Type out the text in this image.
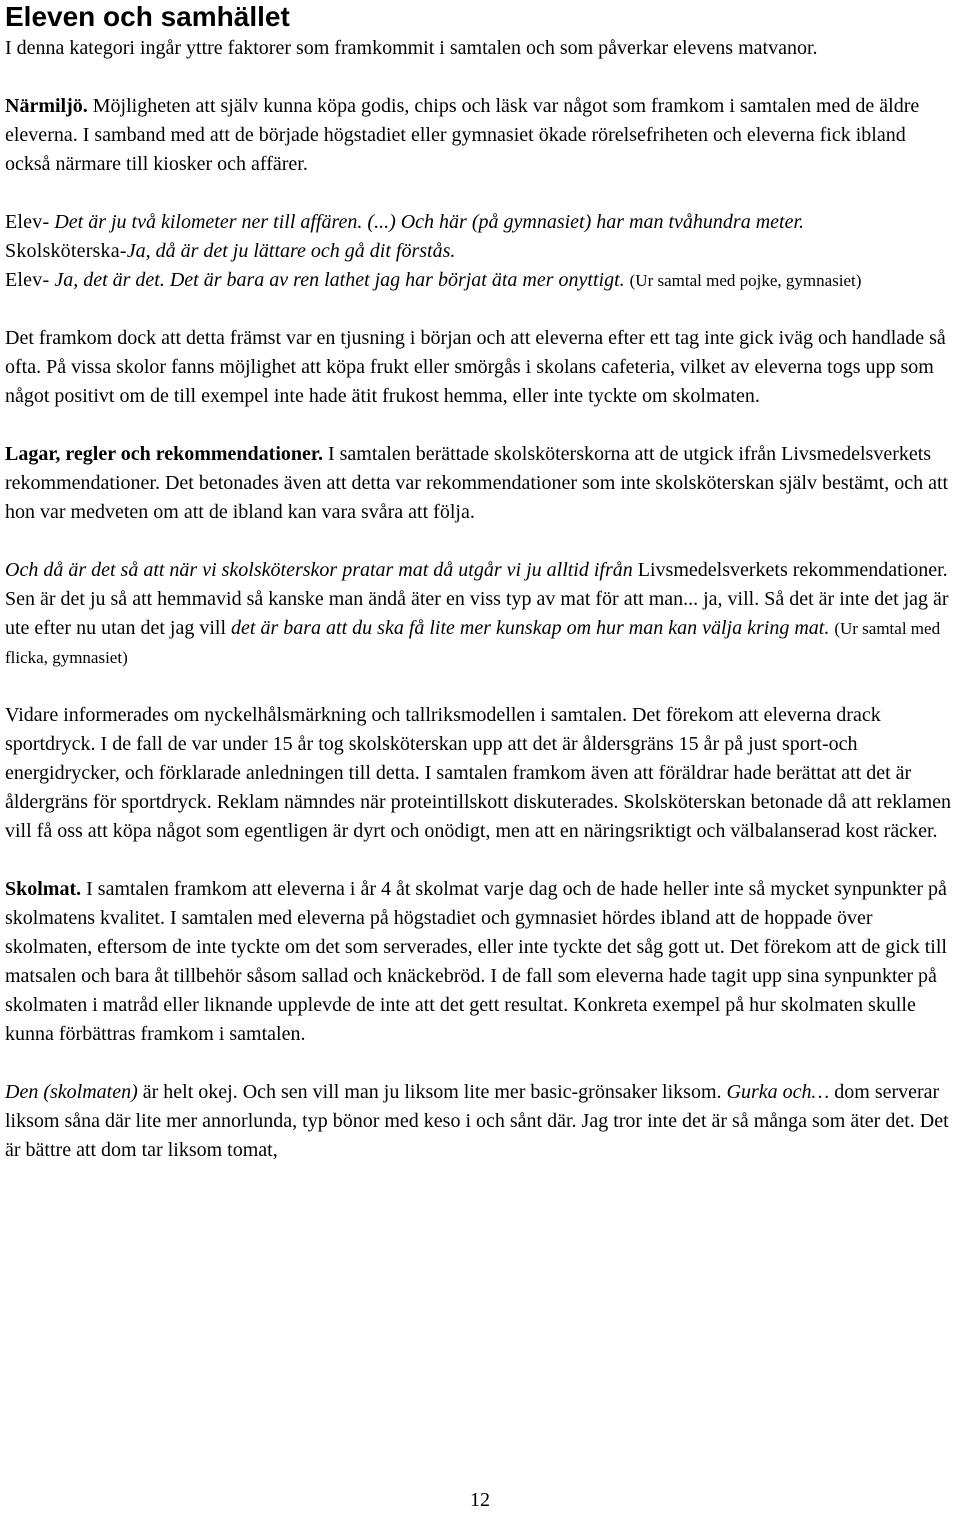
Eleven och samhället

I denna kategori ingår yttre faktorer som framkommit i samtalen och som påverkar elevens matvanor.

Närmiljö. Möjligheten att själv kunna köpa godis, chips och läsk var något som framkom i samtalen med de äldre eleverna. I samband med att de började högstadiet eller gymnasiet ökade rörelsefriheten och eleverna fick ibland också närmare till kiosker och affärer.

Elev- Det är ju två kilometer ner till affären. (...) Och här (på gymnasiet) har man tvåhundra meter.
Skolsköterska-Ja, då är det ju lättare och gå dit förstås.
Elev- Ja, det är det. Det är bara av ren lathet jag har börjat äta mer onyttigt. (Ur samtal med pojke, gymnasiet)

Det framkom dock att detta främst var en tjusning i början och att eleverna efter ett tag inte gick iväg och handlade så ofta. På vissa skolor fanns möjlighet att köpa frukt eller smörgås i skolans cafeteria, vilket av eleverna togs upp som något positivt om de till exempel inte hade ätit frukost hemma, eller inte tyckte om skolmaten.

Lagar, regler och rekommendationer. I samtalen berättade skolsköterskorna att de utgick ifrån Livsmedelsverkets rekommendationer. Det betonades även att detta var rekommendationer som inte skolsköterskan själv bestämt, och att hon var medveten om att de ibland kan vara svåra att följa.

Och då är det så att när vi skolsköterskor pratar mat då utgår vi ju alltid ifrån Livsmedelsverkets rekommendationer. Sen är det ju så att hemmavid så kanske man ändå äter en viss typ av mat för att man... ja, vill. Så det är inte det jag är ute efter nu utan det jag vill det är bara att du ska få lite mer kunskap om hur man kan välja kring mat. (Ur samtal med flicka, gymnasiet)

Vidare informerades om nyckelhålsmärkning och tallriksmodellen i samtalen. Det förekom att eleverna drack sportdryck. I de fall de var under 15 år tog skolsköterskan upp att det är åldersgräns 15 år på just sport-och energidrycker, och förklarade anledningen till detta. I samtalen framkom även att föräldrar hade berättat att det är åldergräns för sportdryck. Reklam nämndes när proteintillskott diskuterades. Skolsköterskan betonade då att reklamen vill få oss att köpa något som egentligen är dyrt och onödigt, men att en näringsriktigt och välbalanserad kost räcker.

Skolmat. I samtalen framkom att eleverna i år 4 åt skolmat varje dag och de hade heller inte så mycket synpunkter på skolmatens kvalitet. I samtalen med eleverna på högstadiet och gymnasiet hördes ibland att de hoppade över skolmaten, eftersom de inte tyckte om det som serverades, eller inte tyckte det såg gott ut. Det förekom att de gick till matsalen och bara åt tillbehör såsom sallad och knäckebröd. I de fall som eleverna hade tagit upp sina synpunkter på skolmaten i matråd eller liknande upplevde de inte att det gett resultat. Konkreta exempel på hur skolmaten skulle kunna förbättras framkom i samtalen.

Den (skolmaten) är helt okej. Och sen vill man ju liksom lite mer basic-grönsaker liksom. Gurka och… dom serverar liksom såna där lite mer annorlunda, typ bönor med keso i och sånt där. Jag tror inte det är så många som äter det. Det är bättre att dom tar liksom tomat,

12
